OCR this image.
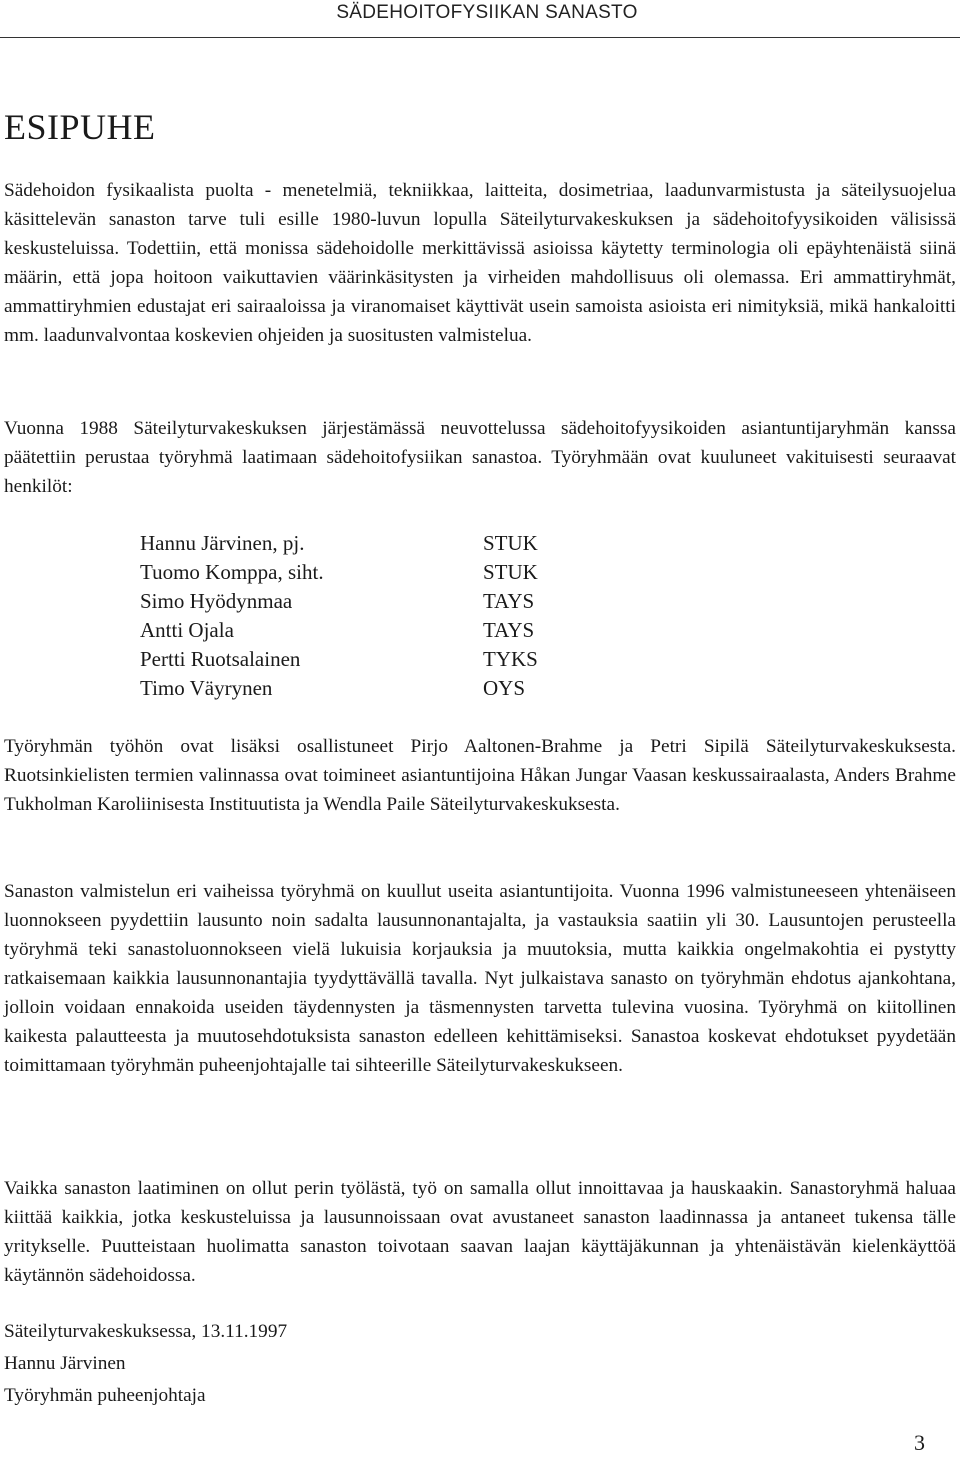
SÄDEHOITOFYSIIKAN SANASTO
ESIPUHE

Sädehoidon fysikaalista puolta - menetelmiä, tekniikkaa, laitteita, dosimetriaa, laadunvarmistusta ja säteilysuojelua käsittelevän sanaston tarve tuli esille 1980-luvun lopulla Säteilyturvakeskuksen ja sädehoitofyysikoiden välisissä keskusteluissa. Todettiin, että monissa sädehoidolle merkittävissä asioissa käytetty terminologia oli epäyhtenäistä siinä määrin, että jopa hoitoon vaikuttavien väärinkäsitysten ja virheiden mahdollisuus oli olemassa. Eri ammattiryhmät, ammattiryhmien edustajat eri sairaaloissa ja viranomaiset käyttivät usein samoista asioista eri nimityksiä, mikä hankaloitti mm. laadunvalvontaa koskevien ohjeiden ja suositusten valmistelua.

Vuonna 1988 Säteilyturvakeskuksen järjestämässä neuvottelussa sädehoitofyysikoiden asiantuntijaryhmän kanssa päätettiin perustaa työryhmä laatimaan sädehoitofysiikan sanastoa. Työryhmään ovat kuuluneet vakituisesti seuraavat henkilöt:

Hannu Järvinen, pj.	STUK
Tuomo Komppa, siht.	STUK
Simo Hyödynmaa	TAYS
Antti Ojala	TAYS
Pertti Ruotsalainen	TYKS
Timo Väyrynen	OYS

Työryhmän työhön ovat lisäksi osallistuneet Pirjo Aaltonen-Brahme ja Petri Sipilä Säteilyturvakeskuksesta. Ruotsinkielisten termien valinnassa ovat toimineet asiantuntijoina Håkan Jungar Vaasan keskussairaalasta, Anders Brahme Tukholman Karoliinisesta Instituutista ja Wendla Paile Säteilyturvakeskuksesta.

Sanaston valmistelun eri vaiheissa työryhmä on kuullut useita asiantuntijoita. Vuonna 1996 valmistuneeseen yhtenäiseen luonnokseen pyydettiin lausunto noin sadalta lausunnonantajalta, ja vastauksia saatiin yli 30. Lausuntojen perusteella työryhmä teki sanastoluonnokseen vielä lukuisia korjauksia ja muutoksia, mutta kaikkia ongelmakohtia ei pystytty ratkaisemaan kaikkia lausunnonantajia tyydyttävällä tavalla. Nyt julkaistava sanasto on työryhmän ehdotus ajankohtana, jolloin voidaan ennakoida useiden täydennysten ja täsmennysten tarvetta tulevina vuosina. Työryhmä on kiitollinen kaikesta palautteesta ja muutosehdotuksista sanaston edelleen kehittämiseksi. Sanastoa koskevat ehdotukset pyydetään toimittamaan työryhmän puheenjohtajalle tai sihteerille Säteilyturvakeskukseen.

Vaikka sanaston laatiminen on ollut perin työlästä, työ on samalla ollut innoittavaa ja hauskaakin. Sanastoryhmä haluaa kiittää kaikkia, jotka keskusteluissa ja lausunnoissaan ovat avustaneet sanaston laadinnassa ja antaneet tukensa tälle yritykselle. Puutteistaan huolimatta sanaston toivotaan saavan laajan käyttäjäkunnan ja yhtenäistävän kielenkäyttöä käytännön sädehoidossa.

Säteilyturvakeskuksessa, 13.11.1997
Hannu Järvinen
Työryhmän puheenjohtaja
3
